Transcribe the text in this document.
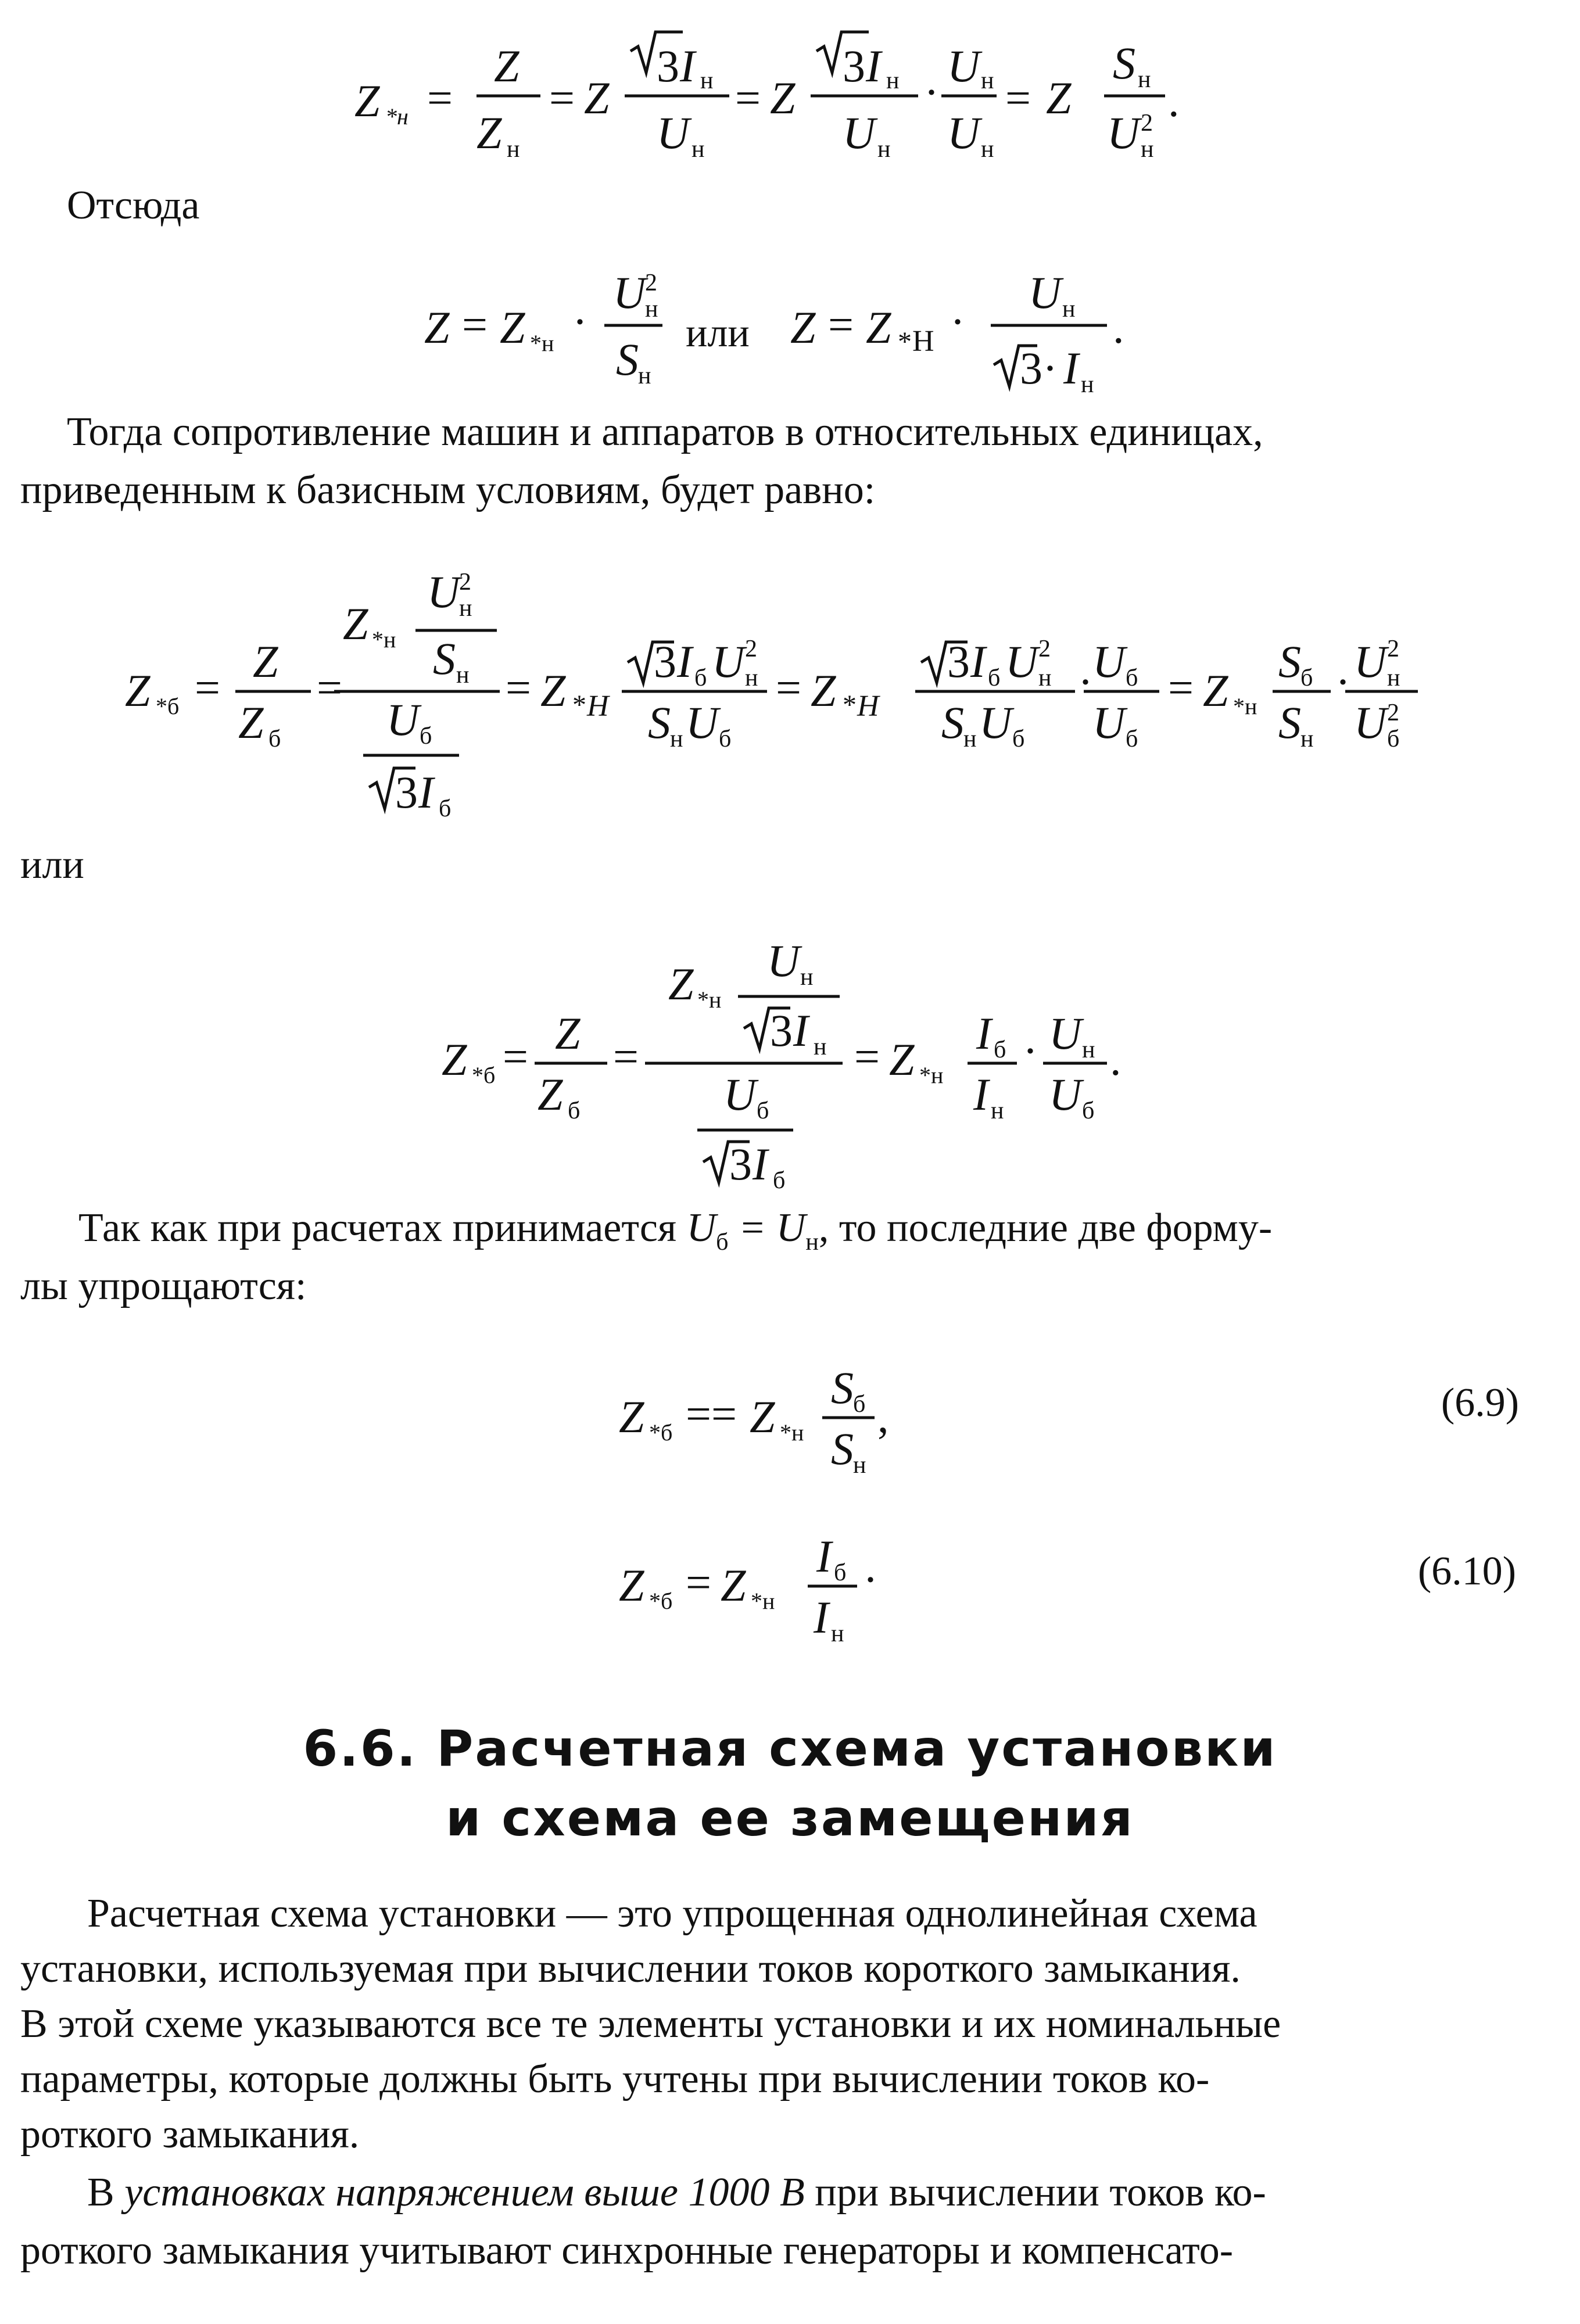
Z *н =
Z
Z н
= Z
3 I н
U н
= Z
3 I н
U н
·
U н
U н
= Z
S н
U 2
н
.
Z = Z *н ·
U
2
н
S н
Z = Z * Н ·
U н
3· I н
.
Z *б =
Z
Z б
=
Z *н
U
2
н
S н
U б
3 I б
= Z * H
3 I б U 2
н
S н U б
= Z * H
3 I б U 2
н
S н U б
· U б
U б
= Z *н
S б
S н
· U 2
н
U 2
б
Z *б = Z
Z б
=
Z *н
U н
3 I н
U б
3 I б
= Z *н
I б
I н
· U н
U б
.
Z *б == Z *н
S б
S н
,
Z *б = Z *н
I б
I н
·
Отсюда
или
Тогда сопротивление машин и аппаратов в относительных единицах,
приведенным к базисным условиям, будет равно:
или
Так как при расчетах принимается $U_б = U_н$, то последние две форму-
лы упрощаются:
(6.9)
(6.10)
6.6. Расчетная схема установки
и схема ее замещения
Расчетная схема установки — это упрощенная однолинейная схема
установки, используемая при вычислении токов короткого замыкания.
В этой схеме указываются все те элементы установки и их номинальные
параметры, которые должны быть учтены при вычислении токов ко-
роткого замыкания.
В установках напряжением выше 1000 В при вычислении токов ко-
роткого замыкания учитывают синхронные генераторы и компенсато-
